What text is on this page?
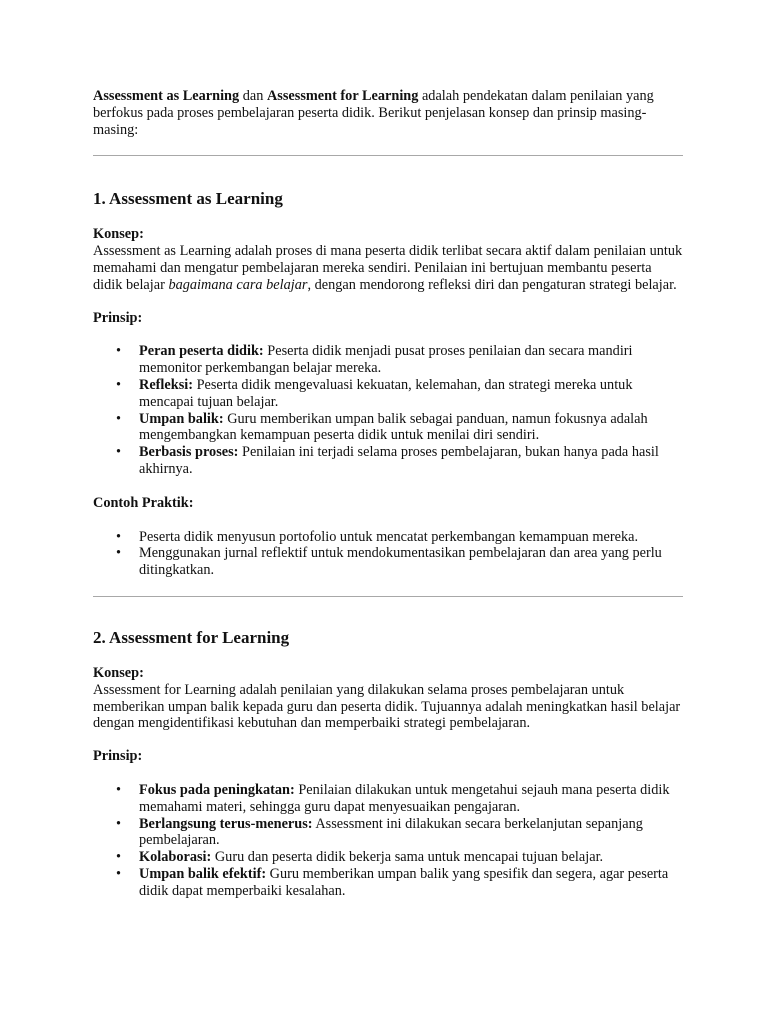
Assessment as Learning dan Assessment for Learning adalah pendekatan dalam penilaian yang berfokus pada proses pembelajaran peserta didik. Berikut penjelasan konsep dan prinsip masing-masing:

1. Assessment as Learning

Konsep:

Assessment as Learning adalah proses di mana peserta didik terlibat secara aktif dalam penilaian untuk memahami dan mengatur pembelajaran mereka sendiri. Penilaian ini bertujuan membantu peserta didik belajar bagaimana cara belajar, dengan mendorong refleksi diri dan pengaturan strategi belajar.

Prinsip:

• Peran peserta didik: Peserta didik menjadi pusat proses penilaian dan secara mandiri memonitor perkembangan belajar mereka.
• Refleksi: Peserta didik mengevaluasi kekuatan, kelemahan, dan strategi mereka untuk mencapai tujuan belajar.
• Umpan balik: Guru memberikan umpan balik sebagai panduan, namun fokusnya adalah mengembangkan kemampuan peserta didik untuk menilai diri sendiri.
• Berbasis proses: Penilaian ini terjadi selama proses pembelajaran, bukan hanya pada hasil akhirnya.

Contoh Praktik:

• Peserta didik menyusun portofolio untuk mencatat perkembangan kemampuan mereka.
• Menggunakan jurnal reflektif untuk mendokumentasikan pembelajaran dan area yang perlu ditingkatkan.
2. Assessment for Learning

Konsep:

Assessment for Learning adalah penilaian yang dilakukan selama proses pembelajaran untuk memberikan umpan balik kepada guru dan peserta didik. Tujuannya adalah meningkatkan hasil belajar dengan mengidentifikasi kebutuhan dan memperbaiki strategi pembelajaran.

Prinsip:

• Fokus pada peningkatan: Penilaian dilakukan untuk mengetahui sejauh mana peserta didik memahami materi, sehingga guru dapat menyesuaikan pengajaran.
• Berlangsung terus-menerus: Assessment ini dilakukan secara berkelanjutan sepanjang pembelajaran.
• Kolaborasi: Guru dan peserta didik bekerja sama untuk mencapai tujuan belajar.
• Umpan balik efektif: Guru memberikan umpan balik yang spesifik dan segera, agar peserta didik dapat memperbaiki kesalahan.
